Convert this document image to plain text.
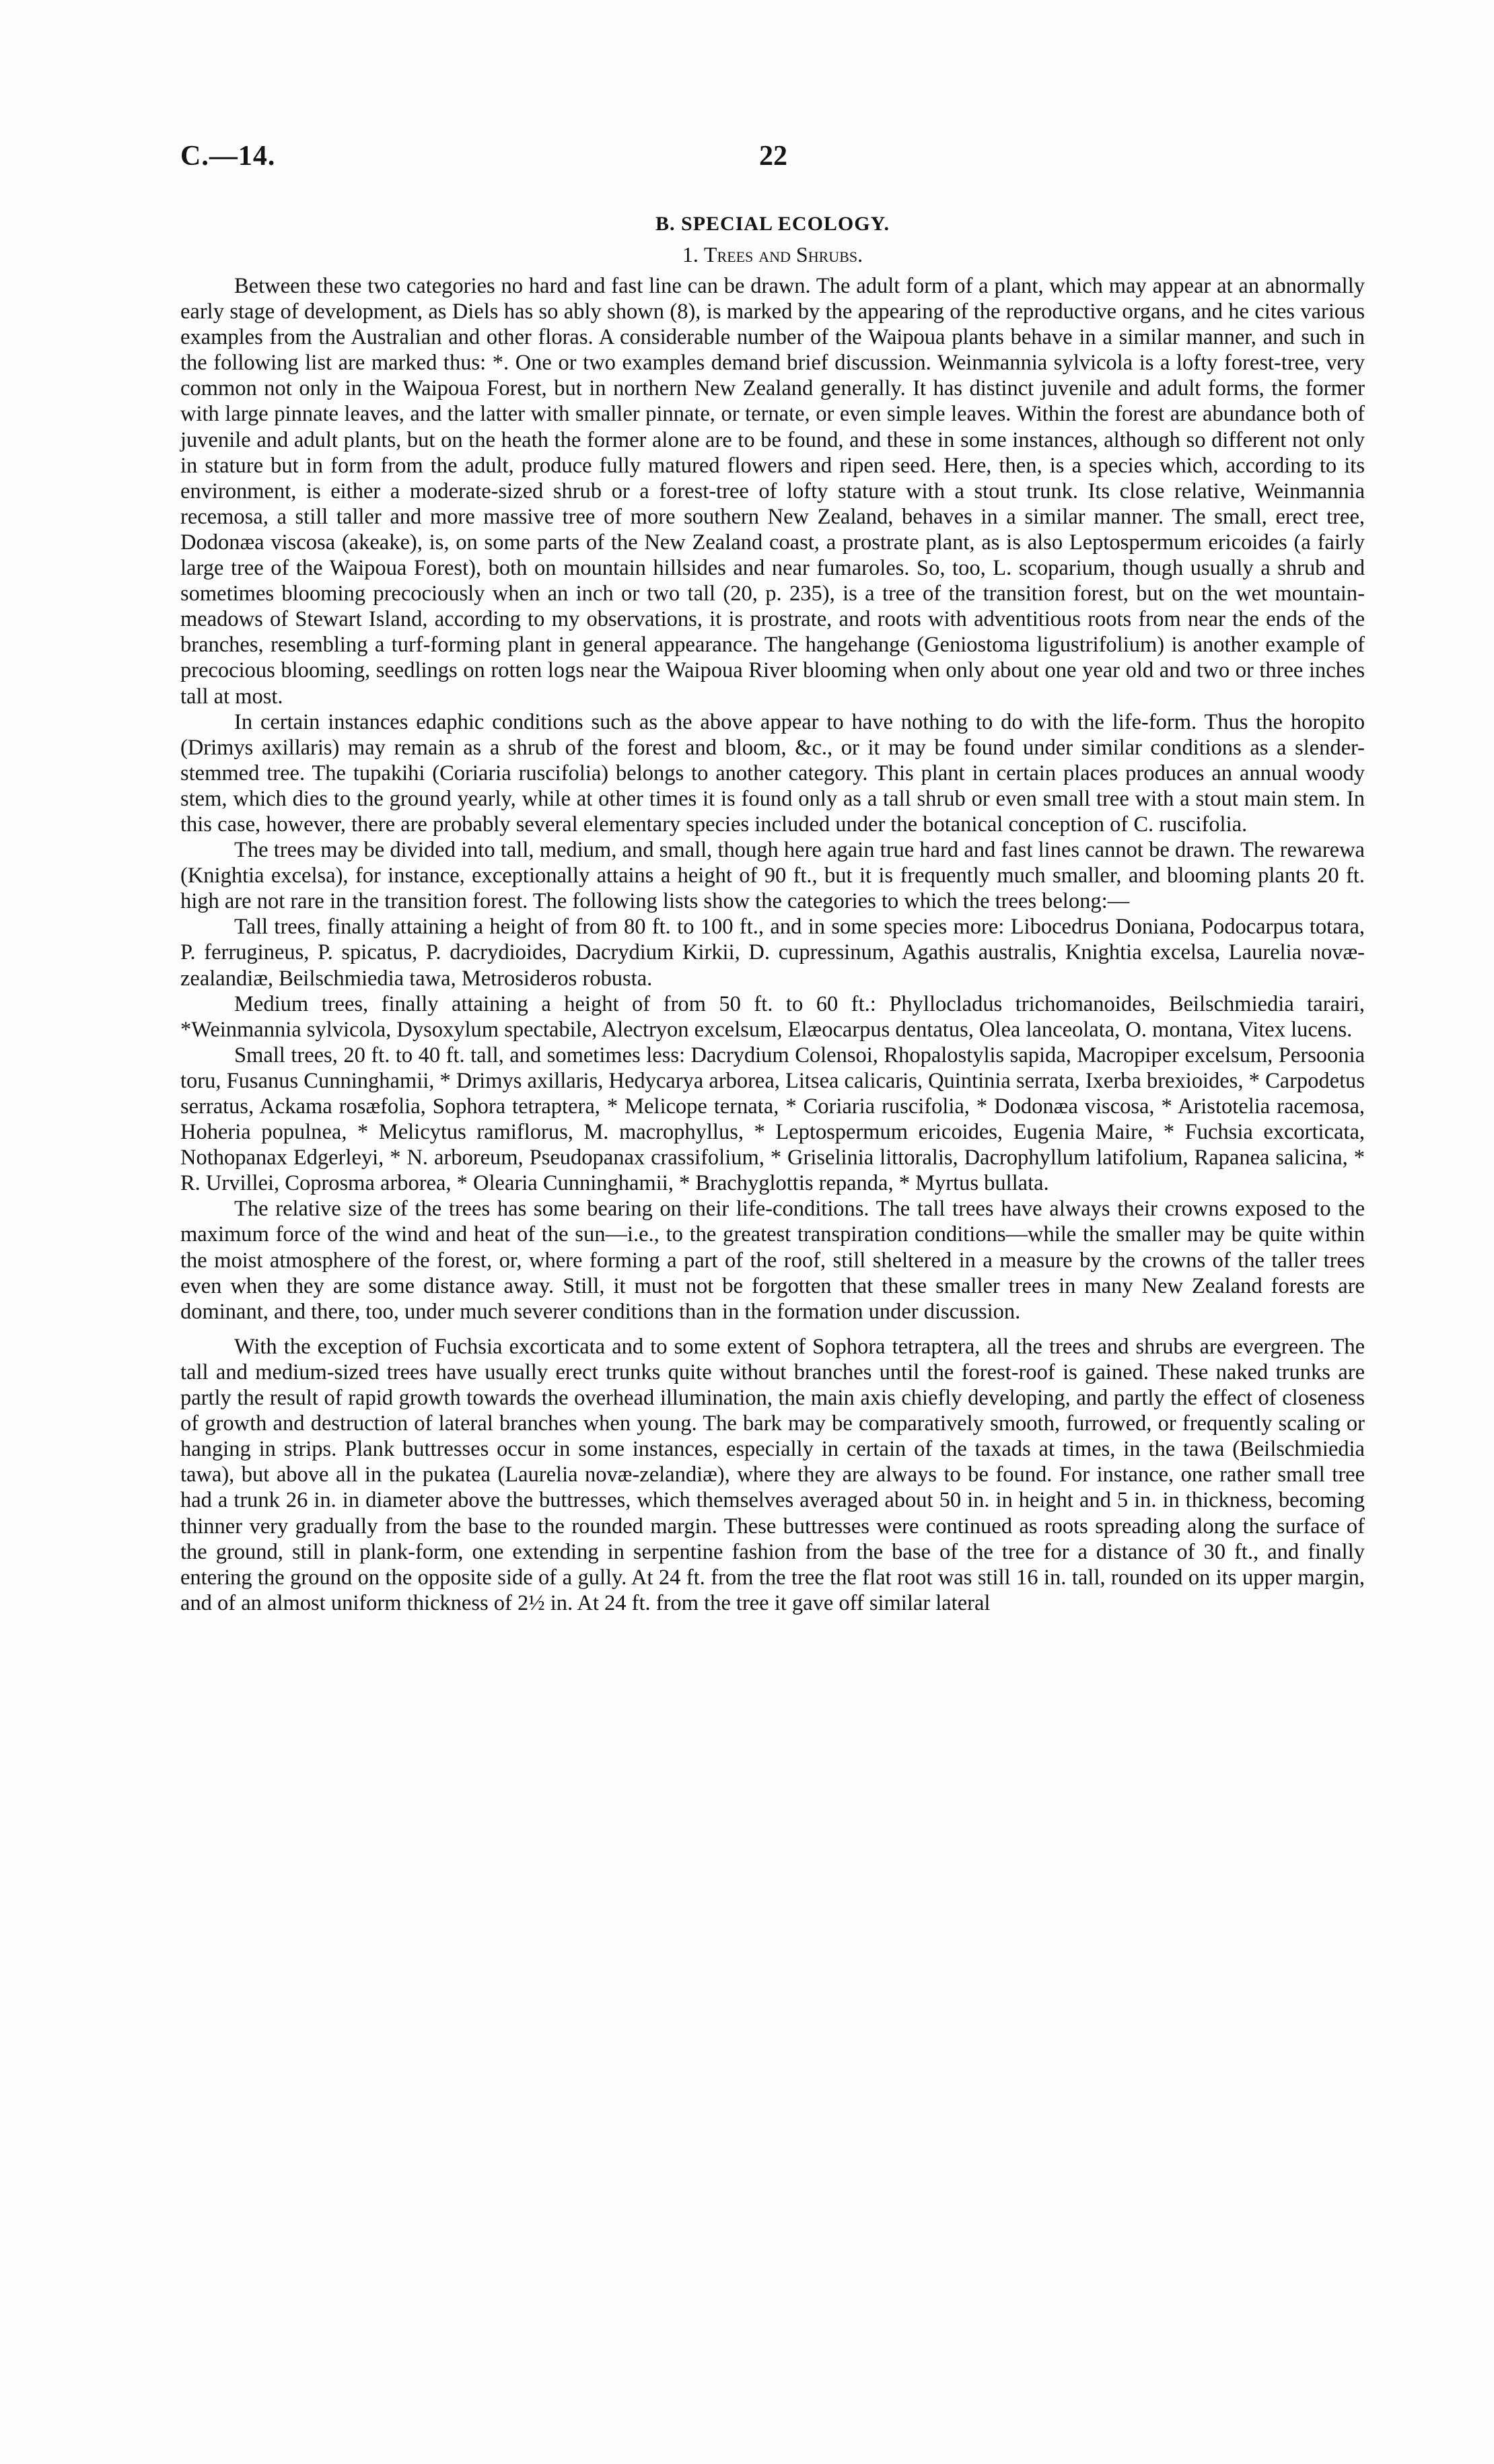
C.—14.	22
B. SPECIAL ECOLOGY.
1. Trees and Shrubs.

Between these two categories no hard and fast line can be drawn. The adult form of a plant, which may appear at an abnormally early stage of development, as Diels has so ably shown (8), is marked by the appearing of the reproductive organs, and he cites various examples from the Australian and other floras. A considerable number of the Waipoua plants behave in a similar manner, and such in the following list are marked thus: *. One or two examples demand brief discussion. Weinmannia sylvicola is a lofty forest-tree, very common not only in the Waipoua Forest, but in northern New Zealand generally. It has distinct juvenile and adult forms, the former with large pinnate leaves, and the latter with smaller pinnate, or ternate, or even simple leaves. Within the forest are abundance both of juvenile and adult plants, but on the heath the former alone are to be found, and these in some instances, although so different not only in stature but in form from the adult, produce fully matured flowers and ripen seed. Here, then, is a species which, according to its environment, is either a moderate-sized shrub or a forest-tree of lofty stature with a stout trunk. Its close relative, Weinmannia recemosa, a still taller and more massive tree of more southern New Zealand, behaves in a similar manner. The small, erect tree, Dodonæa viscosa (akeake), is, on some parts of the New Zealand coast, a prostrate plant, as is also Leptospermum ericoides (a fairly large tree of the Waipoua Forest), both on mountain hillsides and near fumaroles. So, too, L. scoparium, though usually a shrub and sometimes blooming precociously when an inch or two tall (20, p. 235), is a tree of the transition forest, but on the wet mountain-meadows of Stewart Island, according to my observations, it is prostrate, and roots with adventitious roots from near the ends of the branches, resembling a turf-forming plant in general appearance. The hangehange (Geniostoma ligustrifolium) is another example of precocious blooming, seedlings on rotten logs near the Waipoua River blooming when only about one year old and two or three inches tall at most.

In certain instances edaphic conditions such as the above appear to have nothing to do with the life-form. Thus the horopito (Drimys axillaris) may remain as a shrub of the forest and bloom, &c., or it may be found under similar conditions as a slender-stemmed tree. The tupakihi (Coriaria ruscifolia) belongs to another category. This plant in certain places produces an annual woody stem, which dies to the ground yearly, while at other times it is found only as a tall shrub or even small tree with a stout main stem. In this case, however, there are probably several elementary species included under the botanical conception of C. ruscifolia.

The trees may be divided into tall, medium, and small, though here again true hard and fast lines cannot be drawn. The rewarewa (Knightia excelsa), for instance, exceptionally attains a height of 90 ft., but it is frequently much smaller, and blooming plants 20 ft. high are not rare in the transition forest. The following lists show the categories to which the trees belong:—

Tall trees, finally attaining a height of from 80 ft. to 100 ft., and in some species more: Libocedrus Doniana, Podocarpus totara, P. ferrugineus, P. spicatus, P. dacrydioides, Dacrydium Kirkii, D. cupressinum, Agathis australis, Knightia excelsa, Laurelia novæ-zealandiæ, Beilschmiedia tawa, Metrosideros robusta.

Medium trees, finally attaining a height of from 50 ft. to 60 ft.: Phyllocladus trichomanoides, Beilschmiedia tarairi, *Weinmannia sylvicola, Dysoxylum spectabile, Alectryon excelsum, Elæocarpus dentatus, Olea lanceolata, O. montana, Vitex lucens.

Small trees, 20 ft. to 40 ft. tall, and sometimes less: Dacrydium Colensoi, Rhopalostylis sapida, Macropiper excelsum, Persoonia toru, Fusanus Cunninghamii, * Drimys axillaris, Hedycarya arborea, Litsea calicaris, Quintinia serrata, Ixerba brexioides, * Carpodetus serratus, Ackama rosæfolia, Sophora tetraptera, * Melicope ternata, * Coriaria ruscifolia, * Dodonæa viscosa, * Aristotelia racemosa, Hoheria populnea, * Melicytus ramiflorus, M. macrophyllus, * Leptospermum ericoides, Eugenia Maire, * Fuchsia excorticata, Nothopanax Edgerleyi, * N. arboreum, Pseudopanax crassifolium, * Griselinia littoralis, Dacrophyllum latifolium, Rapanea salicina, * R. Urvillei, Coprosma arborea, * Olearia Cunninghamii, * Brachyglottis repanda, * Myrtus bullata.

The relative size of the trees has some bearing on their life-conditions. The tall trees have always their crowns exposed to the maximum force of the wind and heat of the sun—i.e., to the greatest transpiration conditions—while the smaller may be quite within the moist atmosphere of the forest, or, where forming a part of the roof, still sheltered in a measure by the crowns of the taller trees even when they are some distance away. Still, it must not be forgotten that these smaller trees in many New Zealand forests are dominant, and there, too, under much severer conditions than in the formation under discussion.

With the exception of Fuchsia excorticata and to some extent of Sophora tetraptera, all the trees and shrubs are evergreen. The tall and medium-sized trees have usually erect trunks quite without branches until the forest-roof is gained. These naked trunks are partly the result of rapid growth towards the overhead illumination, the main axis chiefly developing, and partly the effect of closeness of growth and destruction of lateral branches when young. The bark may be comparatively smooth, furrowed, or frequently scaling or hanging in strips. Plank buttresses occur in some instances, especially in certain of the taxads at times, in the tawa (Beilschmiedia tawa), but above all in the pukatea (Laurelia novæ-zelandiæ), where they are always to be found. For instance, one rather small tree had a trunk 26 in. in diameter above the buttresses, which themselves averaged about 50 in. in height and 5 in. in thickness, becoming thinner very gradually from the base to the rounded margin. These buttresses were continued as roots spreading along the surface of the ground, still in plank-form, one extending in serpentine fashion from the base of the tree for a distance of 30 ft., and finally entering the ground on the opposite side of a gully. At 24 ft. from the tree the flat root was still 16 in. tall, rounded on its upper margin, and of an almost uniform thickness of 2½ in. At 24 ft. from the tree it gave off similar lateral
